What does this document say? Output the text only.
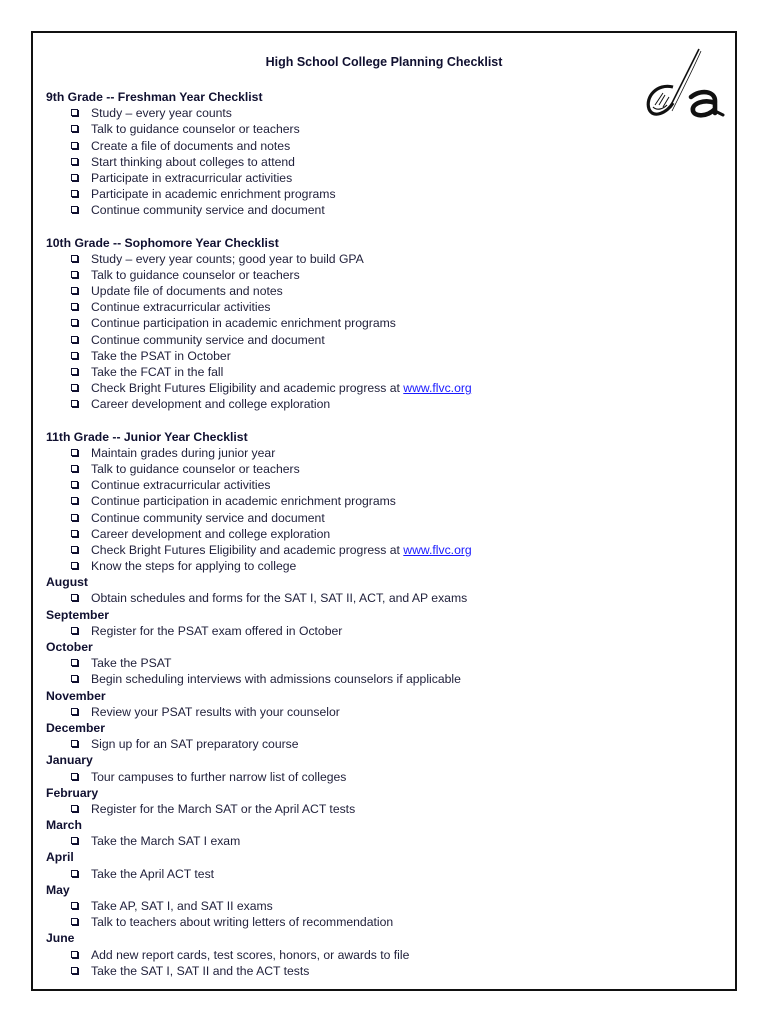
High School College Planning Checklist
9th Grade -- Freshman Year Checklist
Study – every year counts
Talk to guidance counselor or teachers
Create a file of documents and notes
Start thinking about colleges to attend
Participate in extracurricular activities
Participate in academic enrichment programs
Continue community service and document
10th Grade -- Sophomore Year Checklist
Study – every year counts; good year to build GPA
Talk to guidance counselor or teachers
Update file of documents and notes
Continue extracurricular activities
Continue participation in academic enrichment programs
Continue community service and document
Take the PSAT in October
Take the FCAT in the fall
Check Bright Futures Eligibility and academic progress at www.flvc.org
Career development and college exploration
11th Grade -- Junior Year Checklist
Maintain grades during junior year
Talk to guidance counselor or teachers
Continue extracurricular activities
Continue participation in academic enrichment programs
Continue community service and document
Career development and college exploration
Check Bright Futures Eligibility and academic progress at www.flvc.org
Know the steps for applying to college
August
Obtain schedules and forms for the SAT I, SAT II, ACT, and AP exams
September
Register for the PSAT exam offered in October
October
Take the PSAT
Begin scheduling interviews with admissions counselors if applicable
November
Review your PSAT results with your counselor
December
Sign up for an SAT preparatory course
January
Tour campuses to further narrow list of colleges
February
Register for the March SAT or the April ACT tests
March
Take the March SAT I exam
April
Take the April ACT test
May
Take AP, SAT I, and SAT II exams
Talk to teachers about writing letters of recommendation
June
Add new report cards, test scores, honors, or awards to file
Take the SAT I, SAT II and the ACT tests
